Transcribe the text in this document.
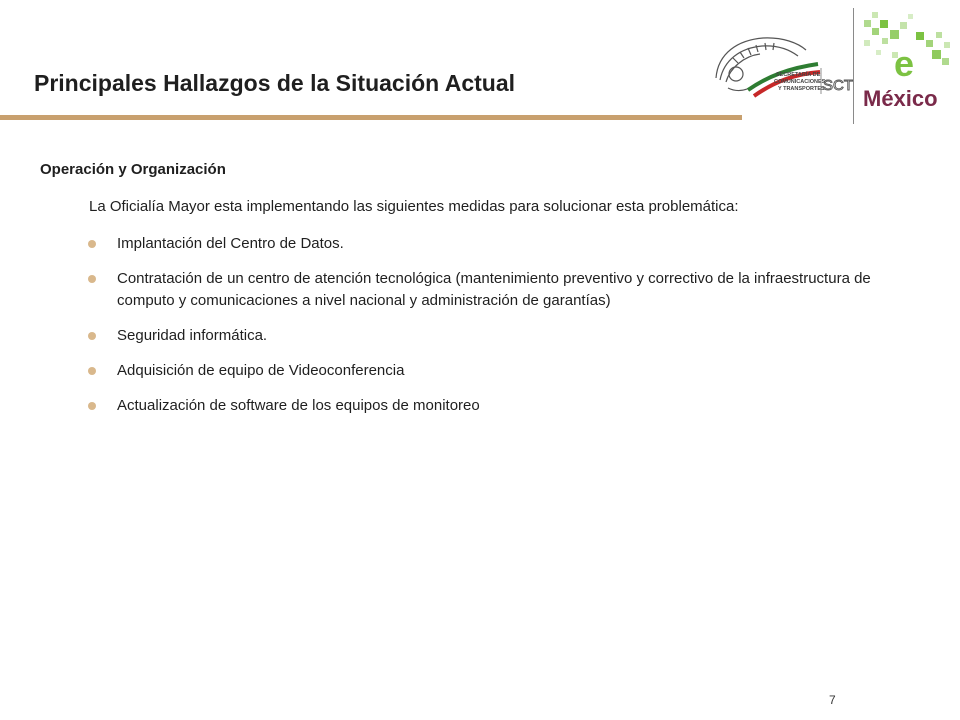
Principales Hallazgos de la Situación Actual	SECRETARÍA DE
COMUNICACIONES
Y TRANSPORTES
SCT
e
México
Operación y Organización

La Oficialía Mayor esta implementando las siguientes medidas para solucionar esta problemática:

Implantación del Centro de Datos.
Contratación de un centro de atención tecnológica (mantenimiento preventivo y correctivo de la infraestructura de computo y comunicaciones a nivel nacional y administración de garantías)
Seguridad informática.
Adquisición de equipo de Videoconferencia
Actualización de software de los equipos de monitoreo
7
